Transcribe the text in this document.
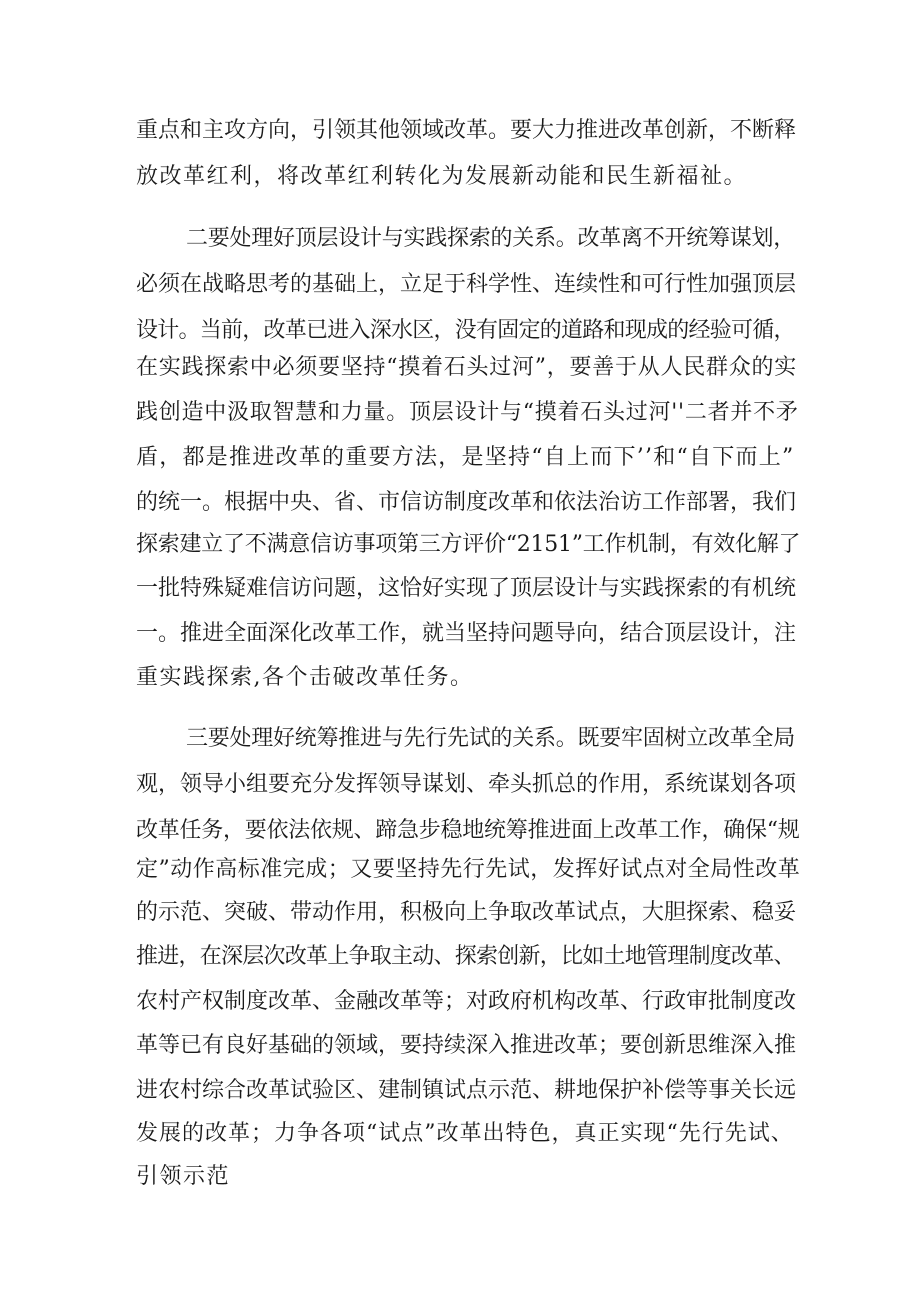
重点和主攻方向，引领其他领域改革。要大力推进改革创新，不断释
放改革红利，将改革红利转化为发展新动能和民生新福祉。
二要处理好顶层设计与实践探索的关系。改革离不开统筹谋划，
必须在战略思考的基础上，立足于科学性、连续性和可行性加强顶层
设计。当前，改革已进入深水区，没有固定的道路和现成的经验可循，
在实践探索中必须要坚持“摸着石头过河”，要善于从人民群众的实
践创造中汲取智慧和力量。顶层设计与“摸着石头过河''二者并不矛
盾，都是推进改革的重要方法，是坚持“自上而下’’和“自下而上”
的统一。根据中央、省、市信访制度改革和依法治访工作部署，我们
探索建立了不满意信访事项第三方评价“2151”工作机制，有效化解了
一批特殊疑难信访问题，这恰好实现了顶层设计与实践探索的有机统
一。推进全面深化改革工作，就当坚持问题导向，结合顶层设计，注
重实践探索,各个击破改革任务。
三要处理好统筹推进与先行先试的关系。既要牢固树立改革全局
观，领导小组要充分发挥领导谋划、牵头抓总的作用，系统谋划各项
改革任务，要依法依规、蹄急步稳地统筹推进面上改革工作，确保“规
定”动作高标准完成；又要坚持先行先试，发挥好试点对全局性改革
的示范、突破、带动作用，积极向上争取改革试点，大胆探索、稳妥
推进，在深层次改革上争取主动、探索创新，比如土地管理制度改革、
农村产权制度改革、金融改革等；对政府机构改革、行政审批制度改
革等已有良好基础的领域，要持续深入推进改革；要创新思维深入推
进农村综合改革试验区、建制镇试点示范、耕地保护补偿等事关长远
发展的改革；力争各项“试点”改革出特色，真正实现“先行先试、
引领示范
